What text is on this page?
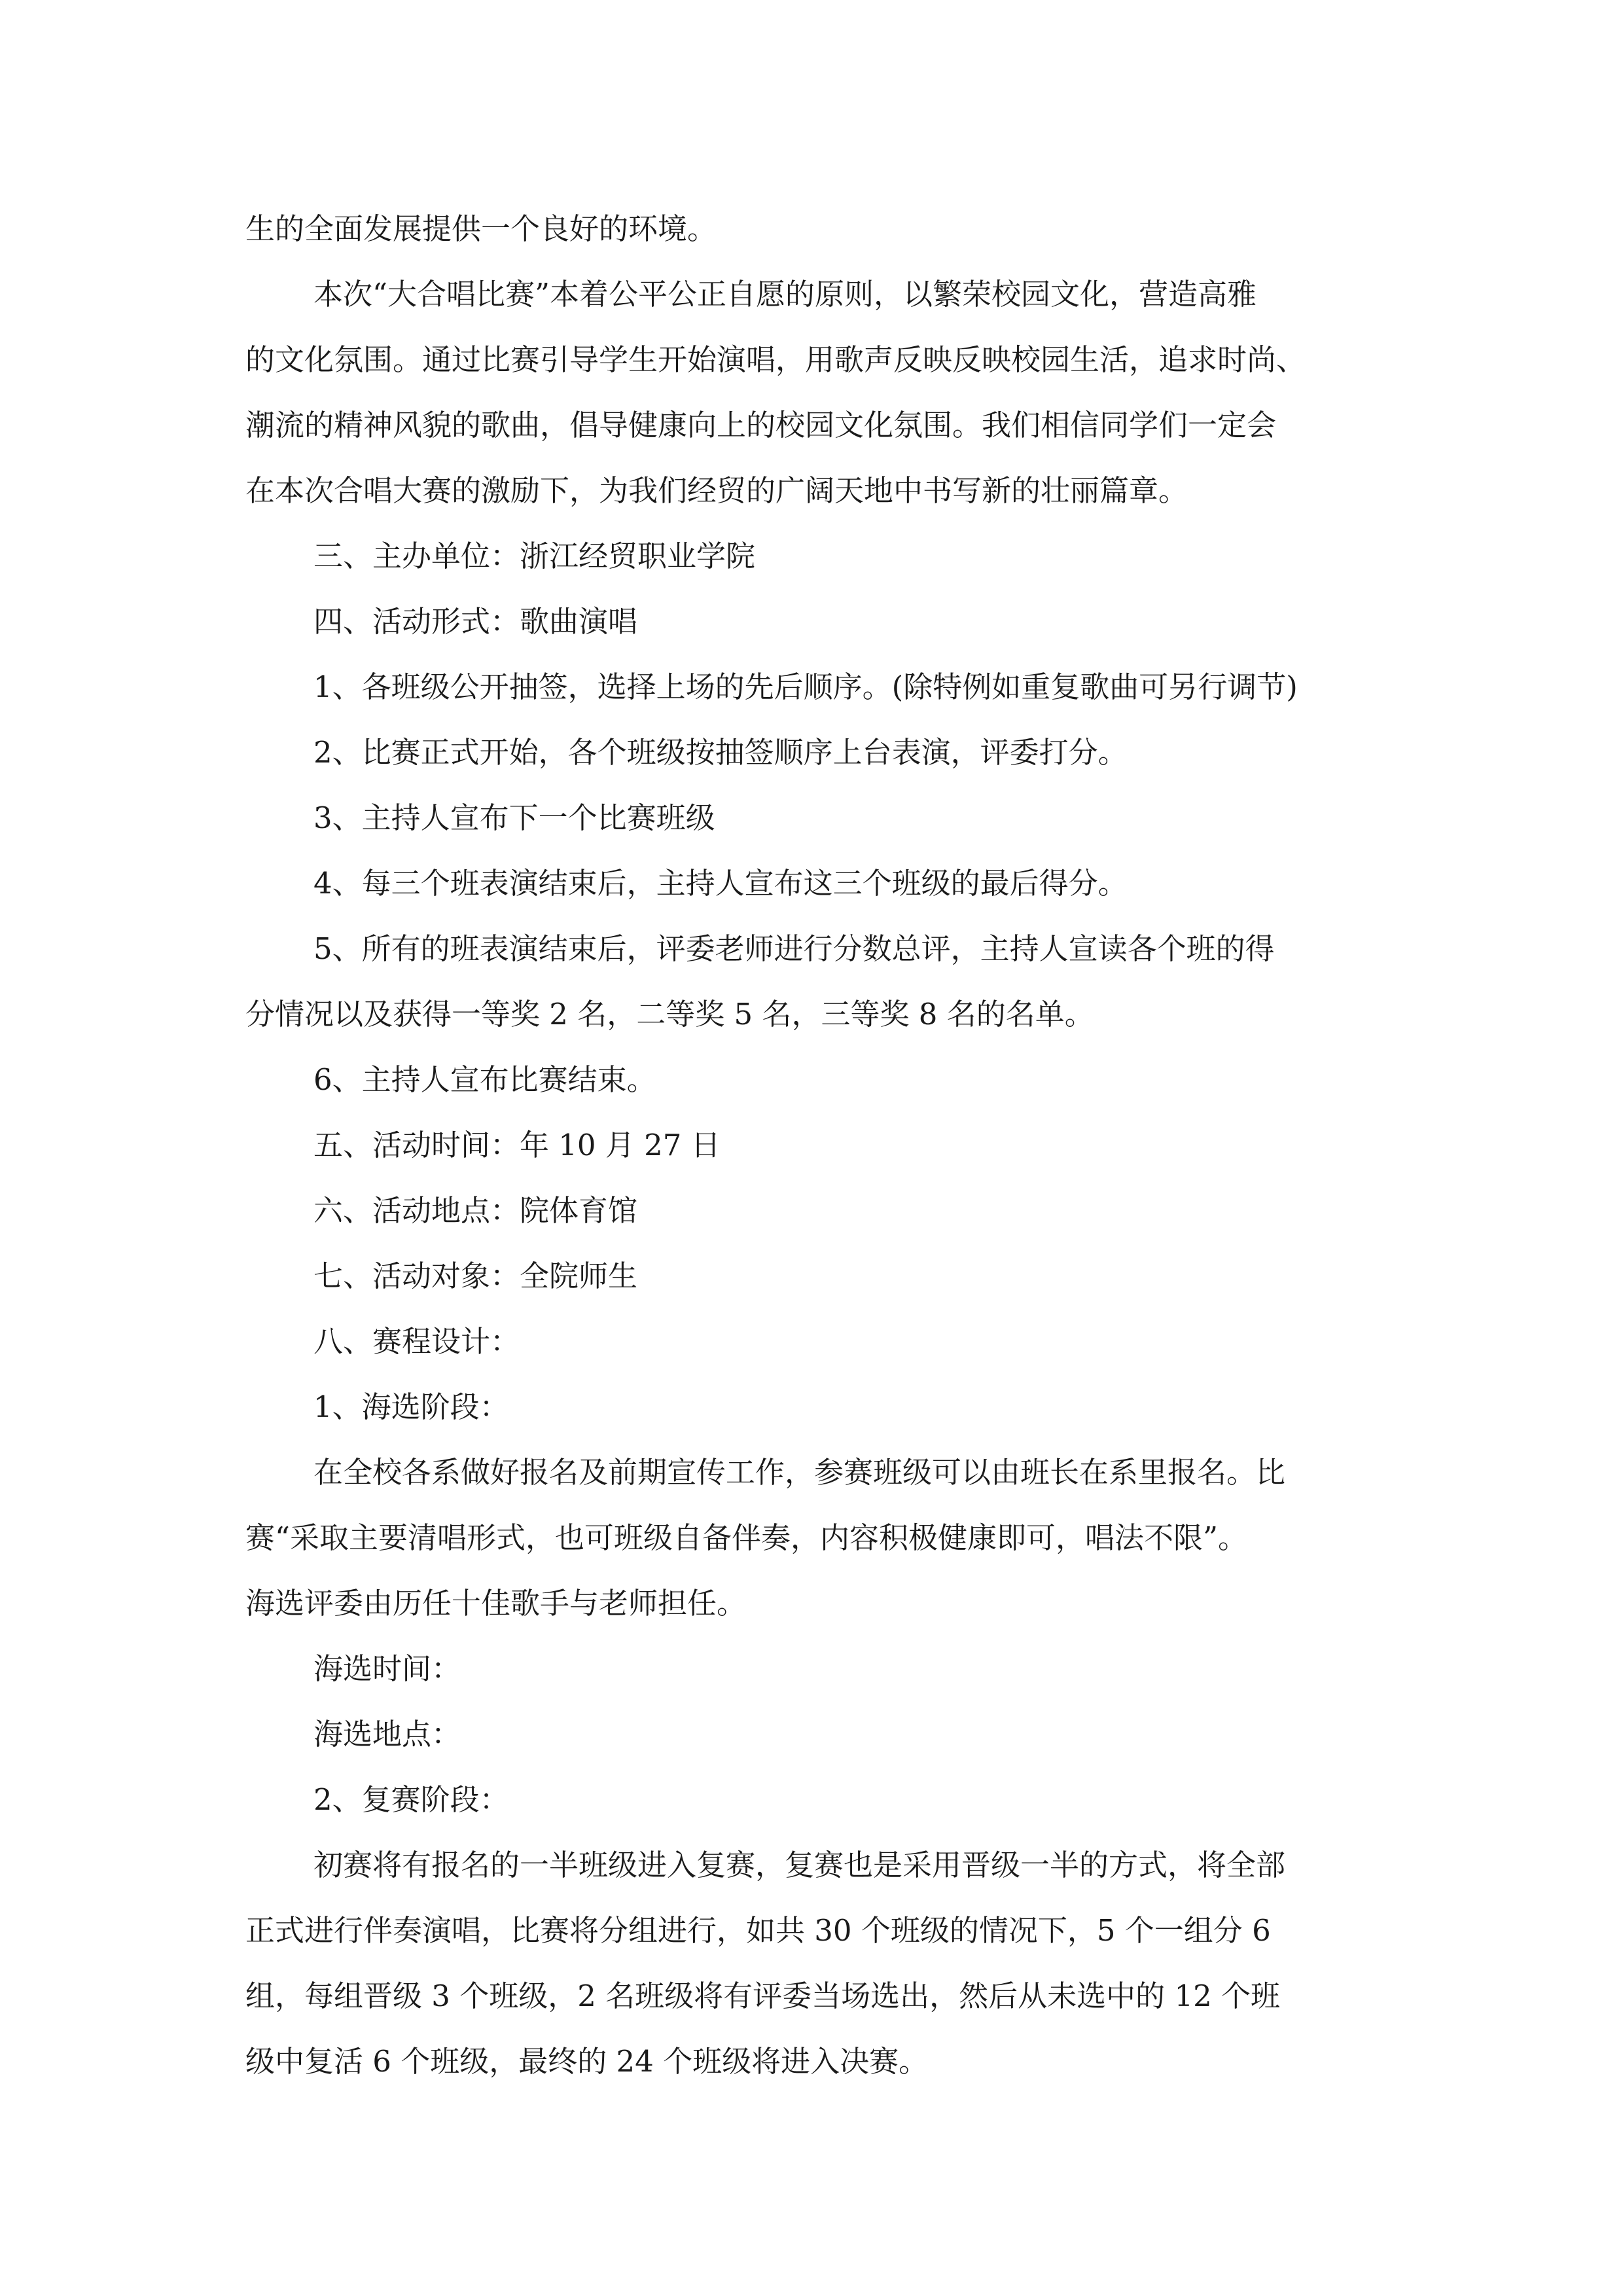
生的全面发展提供一个良好的环境。
本次“大合唱比赛”本着公平公正自愿的原则，以繁荣校园文化，营造高雅
的文化氛围。通过比赛引导学生开始演唱，用歌声反映反映校园生活，追求时尚、
潮流的精神风貌的歌曲，倡导健康向上的校园文化氛围。我们相信同学们一定会
在本次合唱大赛的激励下，为我们经贸的广阔天地中书写新的壮丽篇章。
三、主办单位：浙江经贸职业学院
四、活动形式：歌曲演唱
1、各班级公开抽签，选择上场的先后顺序。(除特例如重复歌曲可另行调节)
2、比赛正式开始，各个班级按抽签顺序上台表演，评委打分。
3、主持人宣布下一个比赛班级
4、每三个班表演结束后，主持人宣布这三个班级的最后得分。
5、所有的班表演结束后，评委老师进行分数总评，主持人宣读各个班的得
分情况以及获得一等奖 2 名，二等奖 5 名，三等奖 8 名的名单。
6、主持人宣布比赛结束。
五、活动时间：年 10 月 27 日
六、活动地点：院体育馆
七、活动对象：全院师生
八、赛程设计：
1、海选阶段：
在全校各系做好报名及前期宣传工作，参赛班级可以由班长在系里报名。比
赛“采取主要清唱形式，也可班级自备伴奏，内容积极健康即可，唱法不限”。
海选评委由历任十佳歌手与老师担任。
海选时间：
海选地点：
2、复赛阶段：
初赛将有报名的一半班级进入复赛，复赛也是采用晋级一半的方式，将全部
正式进行伴奏演唱，比赛将分组进行，如共 30 个班级的情况下，5 个一组分 6
组，每组晋级 3 个班级，2 名班级将有评委当场选出，然后从未选中的 12 个班
级中复活 6 个班级，最终的 24 个班级将进入决赛。
